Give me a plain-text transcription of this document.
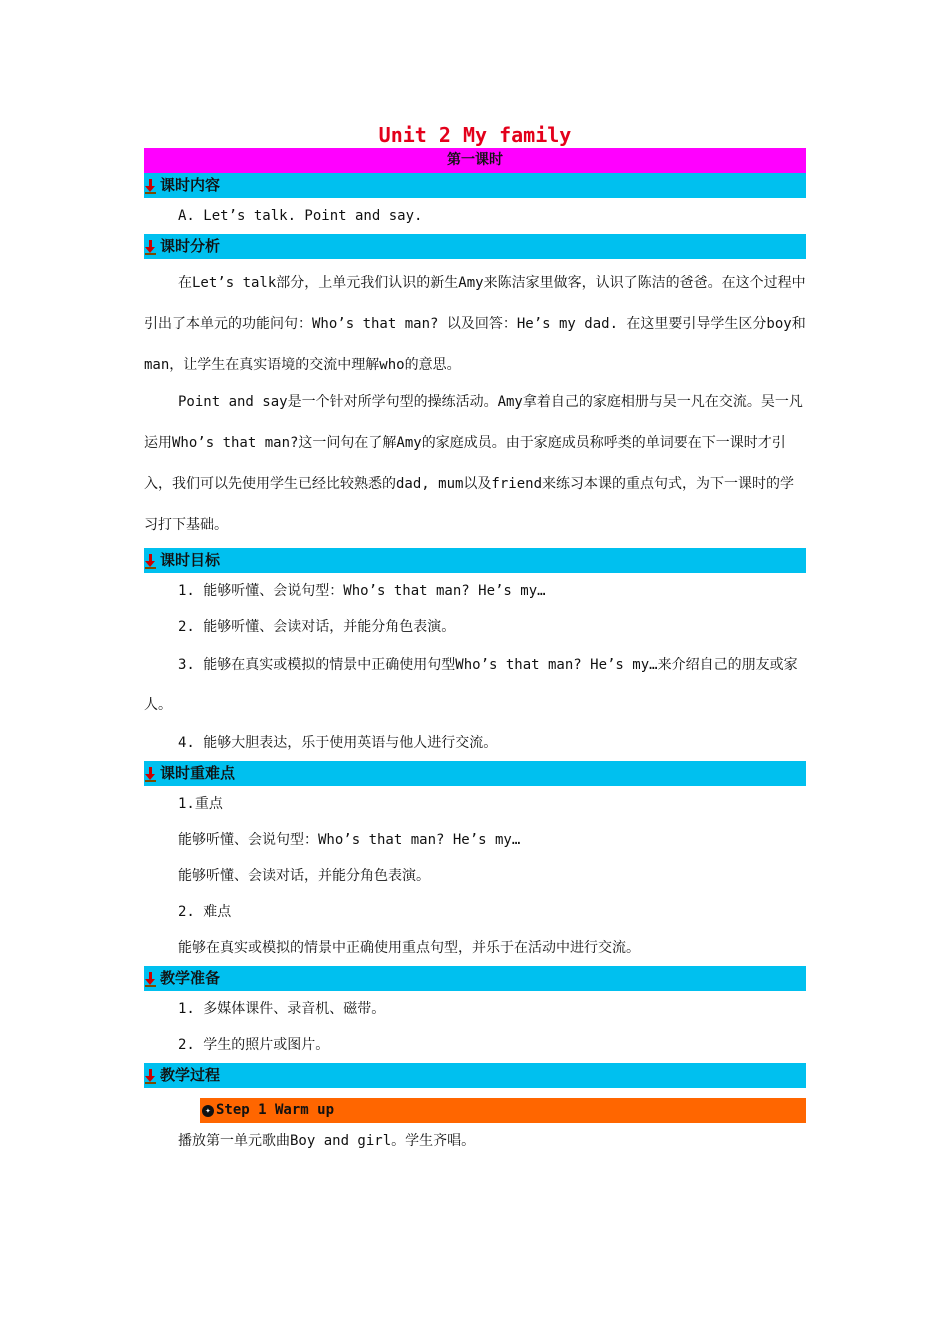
Unit 2 My family
第一课时
课时内容

A. Let’s talk. Point and say.

课时分析

在Let’s talk部分，上单元我们认识的新生Amy来陈洁家里做客，认识了陈洁的爸爸。在这个过程中引出了本单元的功能问句：Who’s that man? 以及回答：He’s my dad. 在这里要引导学生区分boy和man，让学生在真实语境的交流中理解who的意思。

Point and say是一个针对所学句型的操练活动。Amy拿着自己的家庭相册与吴一凡在交流。吴一凡运用Who’s that man?这一问句在了解Amy的家庭成员。由于家庭成员称呼类的单词要在下一课时才引入，我们可以先使用学生已经比较熟悉的dad, mum以及friend来练习本课的重点句式，为下一课时的学习打下基础。

课时目标

1. 能够听懂、会说句型：Who’s that man? He’s my…

2. 能够听懂、会读对话，并能分角色表演。

3. 能够在真实或模拟的情景中正确使用句型Who’s that man? He’s my…来介绍自己的朋友或家人。

4. 能够大胆表达，乐于使用英语与他人进行交流。

课时重难点

1.重点

能够听懂、会说句型：Who’s that man? He’s my…

能够听懂、会读对话，并能分角色表演。

2. 难点

能够在真实或模拟的情景中正确使用重点句型，并乐于在活动中进行交流。

教学准备

1. 多媒体课件、录音机、磁带。

2. 学生的照片或图片。

教学过程
✦ Step 1 Warm up

播放第一单元歌曲Boy and girl。学生齐唱。
